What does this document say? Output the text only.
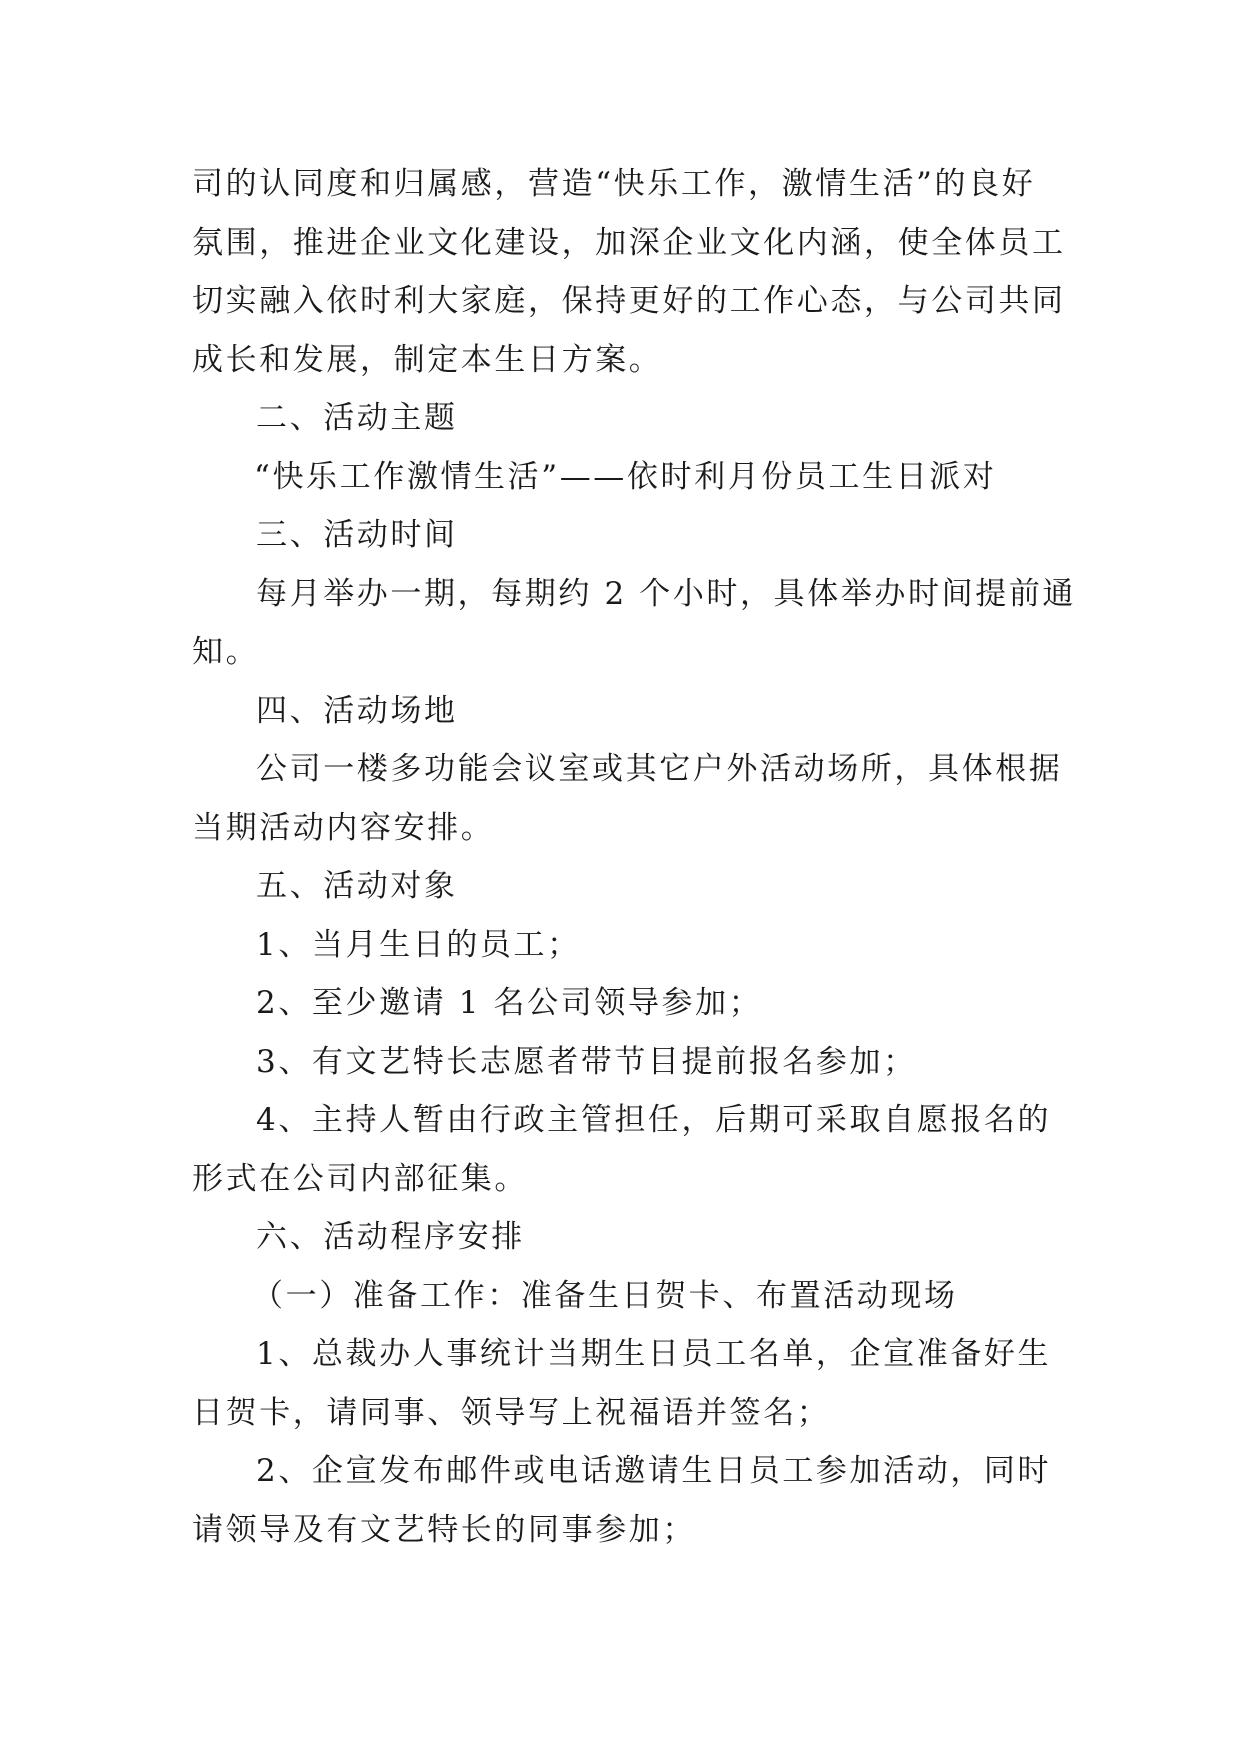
司的认同度和归属感，营造“快乐工作，激情生活”的良好

氛围，推进企业文化建设，加深企业文化内涵，使全体员工

切实融入依时利大家庭，保持更好的工作心态，与公司共同

成长和发展，制定本生日方案。

二、活动主题

“快乐工作激情生活”——依时利月份员工生日派对

三、活动时间

每月举办一期，每期约 2 个小时，具体举办时间提前通

知。

四、活动场地

公司一楼多功能会议室或其它户外活动场所，具体根据

当期活动内容安排。

五、活动对象

1、当月生日的员工；

2、至少邀请 1 名公司领导参加；

3、有文艺特长志愿者带节目提前报名参加；

4、主持人暂由行政主管担任，后期可采取自愿报名的

形式在公司内部征集。

六、活动程序安排

（一）准备工作：准备生日贺卡、布置活动现场

1、总裁办人事统计当期生日员工名单，企宣准备好生

日贺卡，请同事、领导写上祝福语并签名；

2、企宣发布邮件或电话邀请生日员工参加活动，同时

请领导及有文艺特长的同事参加；
